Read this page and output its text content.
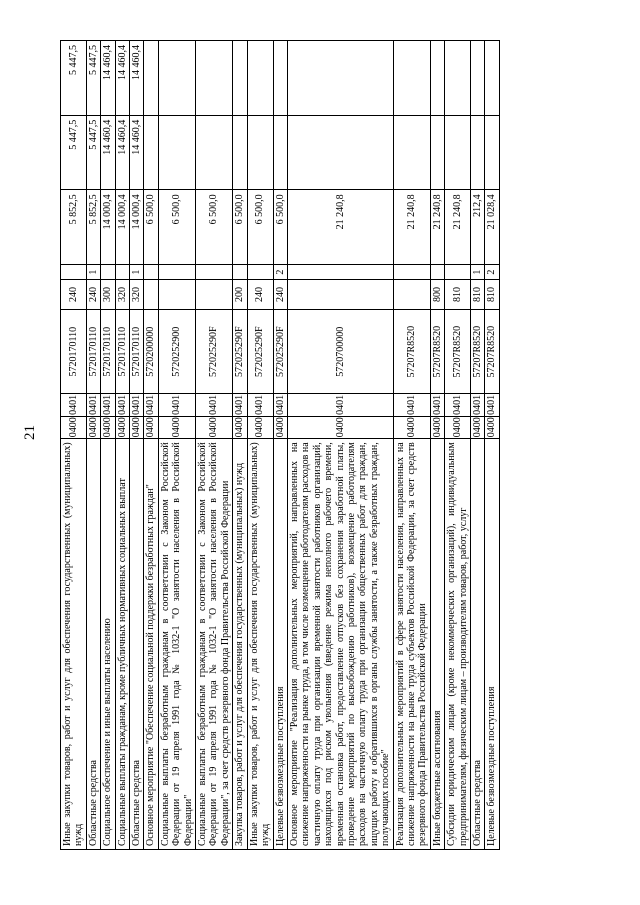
21
Иные закупки товаров, работ и услуг для обеспечения государственных (муниципальных) нужд	0400	0401	5720170110	240		5 852,5	5 447,5	5 447,5
Областные средства	0400	0401	5720170110	240	1	5 852,5	5 447,5	5 447,5
Социальное обеспечение и иные выплаты населению	0400	0401	5720170110	300		14 000,4	14 460,4	14 460,4
Социальные выплаты гражданам, кроме публичных нормативных социальных выплат	0400	0401	5720170110	320		14 000,4	14 460,4	14 460,4
Областные средства	0400	0401	5720170110	320	1	14 000,4	14 460,4	14 460,4
Основное мероприятие "Обеспечение социальной поддержки безработных граждан"	0400	0401	5720200000			6 500,0		
Социальные выплаты безработным гражданам в соответствии с Законом Российской Федерации от 19 апреля 1991 года № 1032-1 "О занятости населения в Российской Федерации"	0400	0401	5720252900			6 500,0		
Социальные выплаты безработным гражданам в соответствии с Законом Российской Федерации от 19 апреля 1991 года № 1032-1 "О занятости населения в Российской Федерации", за счет средств резервного фонда Правительства Российской Федерации	0400	0401	572025290F			6 500,0		
Закупка товаров, работ и услуг для обеспечения государственных (муниципальных) нужд	0400	0401	572025290F	200		6 500,0		
Иные закупки товаров, работ и услуг для обеспечения государственных (муниципальных) нужд	0400	0401	572025290F	240		6 500,0		
Целевые безвозмездные поступления	0400	0401	572025290F	240	2	6 500,0		
Основное мероприятие "Реализация дополнительных мероприятий, направленных на снижение напряженности на рынке труда, в том числе возмещение работодателям расходов на частичную оплату труда при организации временной занятости работников организаций, находящихся под риском увольнения (введение режима неполного рабочего времени, временная остановка работ, предоставление отпусков без сохранения заработной платы, проведение мероприятий по высвобождению работников), возмещение работодателям расходов на частичную оплату труда при организации общественных работ для граждан, ищущих работу и обратившихся в органы службы занятости, а также безработных граждан, получающих пособие"	0400	0401	5720700000			21 240,8		
Реализация дополнительных мероприятий в сфере занятости населения, направленных на снижение напряженности на рынке труда субъектов Российской Федерации, за счет средств резервного фонда Правительства Российской Федерации	0400	0401	57207R8520			21 240,8		
Иные бюджетные ассигнования	0400	0401	57207R8520	800		21 240,8		
Субсидии юридическим лицам (кроме некоммерческих организаций), индивидуальным предпринимателям, физическим лицам – производителям товаров, работ, услуг	0400	0401	57207R8520	810		21 240,8		
Областные средства	0400	0401	57207R8520	810	1	212,4		
Целевые безвозмездные поступления	0400	0401	57207R8520	810	2	21 028,4		
